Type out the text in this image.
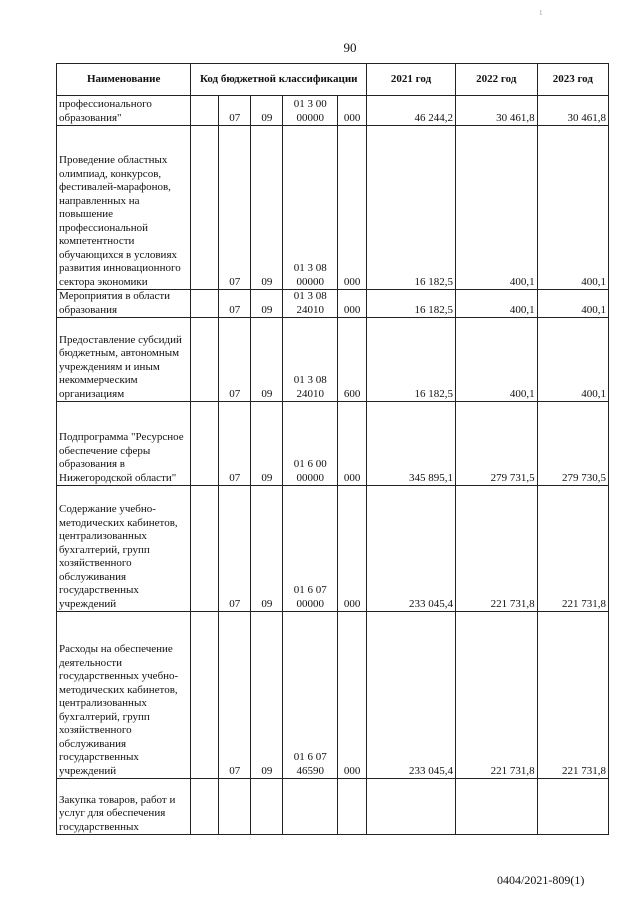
1
90
Наименование	Код бюджетной классификации					2021 год	2022 год	2023 год
профессионального образования"		07	09	01 3 00 00000	000	46 244,2	30 461,8	30 461,8
Проведение областных олимпиад, конкурсов, фестивалей-марафонов, направленных на повышение профессиональной компетентности обучающихся в условиях развития инновационного сектора экономики		07	09	01 3 08 00000	000	16 182,5	400,1	400,1
Мероприятия в области образования		07	09	01 3 08 24010	000	16 182,5	400,1	400,1
Предоставление субсидий бюджетным, автономным учреждениям и иным некоммерческим организациям		07	09	01 3 08 24010	600	16 182,5	400,1	400,1
Подпрограмма "Ресурсное обеспечение сферы образования в Нижегородской области"		07	09	01 6 00 00000	000	345 895,1	279 731,5	279 730,5
Содержание учебно-методических кабинетов, централизованных бухгалтерий, групп хозяйственного обслуживания государственных учреждений		07	09	01 6 07 00000	000	233 045,4	221 731,8	221 731,8
Расходы на обеспечение деятельности государственных учебно-методических кабинетов, централизованных бухгалтерий, групп хозяйственного обслуживания государственных учреждений		07	09	01 6 07 46590	000	233 045,4	221 731,8	221 731,8
Закупка товаров, работ и услуг для обеспечения государственных								
0404/2021-809(1)
